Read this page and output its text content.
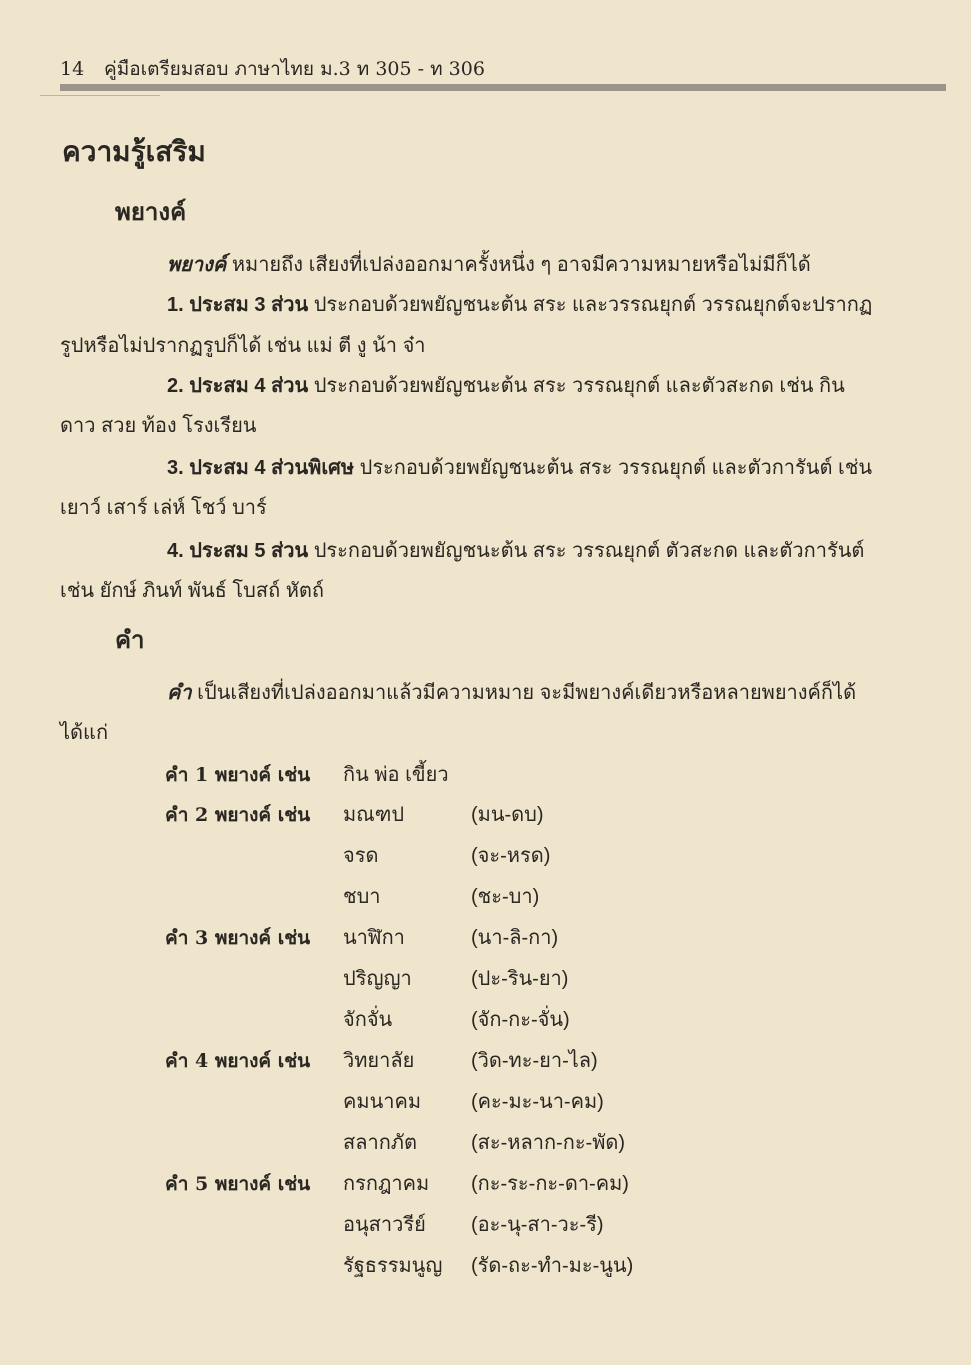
14 คู่มือเตรียมสอบ ภาษาไทย ม.3 ท 305 - ท 306
ความรู้เสริม
พยางค์
พยางค์ หมายถึง เสียงที่เปล่งออกมาครั้งหนึ่ง ๆ อาจมีความหมายหรือไม่มีก็ได้
1. ประสม 3 ส่วน ประกอบด้วยพยัญชนะต้น สระ และวรรณยุกต์ วรรณยุกต์จะปรากฏ
รูปหรือไม่ปรากฏรูปก็ได้ เช่น แม่ ตี งู น้า จ๋า
2. ประสม 4 ส่วน ประกอบด้วยพยัญชนะต้น สระ วรรณยุกต์ และตัวสะกด เช่น กิน
ดาว สวย ท้อง โรงเรียน
3. ประสม 4 ส่วนพิเศษ ประกอบด้วยพยัญชนะต้น สระ วรรณยุกต์ และตัวการันต์ เช่น
เยาว์ เสาร์ เล่ห์ โชว์ บาร์
4. ประสม 5 ส่วน ประกอบด้วยพยัญชนะต้น สระ วรรณยุกต์ ตัวสะกด และตัวการันต์
เช่น ยักษ์ ภินท์ พันธ์ โบสถ์ หัตถ์
คำ
คำ เป็นเสียงที่เปล่งออกมาแล้วมีความหมาย จะมีพยางค์เดียวหรือหลายพยางค์ก็ได้
ได้แก่
คำ 1 พยางค์ เช่น กิน พ่อ เขี้ยว
คำ 2 พยางค์ เช่น มณฑป	(มน-ดบ)
จรด	(จะ-หรด)
ชบา	(ชะ-บา)
คำ 3 พยางค์ เช่น นาฬิกา	(นา-ลิ-กา)
ปริญญา	(ปะ-ริน-ยา)
จักจั่น	(จัก-กะ-จั่น)
คำ 4 พยางค์ เช่น วิทยาลัย	(วิด-ทะ-ยา-ไล)
คมนาคม (คะ-มะ-นา-คม)
สลากภัต	(สะ-หลาก-กะ-พัด)
คำ 5 พยางค์ เช่น กรกฎาคม (กะ-ระ-กะ-ดา-คม)
อนุสาวรีย์ (อะ-นุ-สา-วะ-รี)
รัฐธรรมนูญ (รัด-ถะ-ทำ-มะ-นูน)
